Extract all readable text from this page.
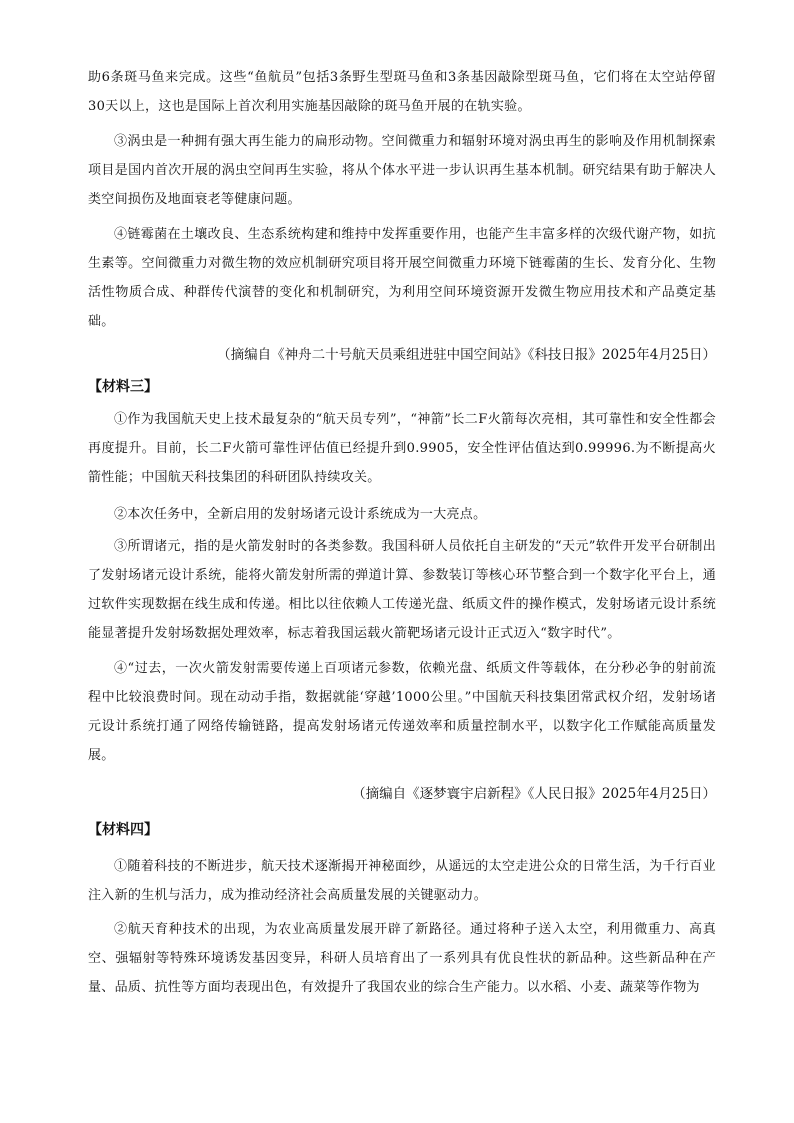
助6条斑马鱼来完成。这些“鱼航员”包括3条野生型斑马鱼和3条基因敲除型斑马鱼，它们将在太空站停留30天以上，这也是国际上首次利用实施基因敲除的斑马鱼开展的在轨实验。
③涡虫是一种拥有强大再生能力的扁形动物。空间微重力和辐射环境对涡虫再生的影响及作用机制探索项目是国内首次开展的涡虫空间再生实验，将从个体水平进一步认识再生基本机制。研究结果有助于解决人类空间损伤及地面衰老等健康问题。
④链霉菌在土壤改良、生态系统构建和维持中发挥重要作用，也能产生丰富多样的次级代谢产物，如抗生素等。空间微重力对微生物的效应机制研究项目将开展空间微重力环境下链霉菌的生长、发育分化、生物活性物质合成、种群传代演替的变化和机制研究，为利用空间环境资源开发微生物应用技术和产品奠定基础。
（摘编自《神舟二十号航天员乘组进驻中国空间站》《科技日报》2025年4月25日）
【材料三】
①作为我国航天史上技术最复杂的“航天员专列”，“神箭”长二F火箭每次亮相，其可靠性和安全性都会再度提升。目前，长二F火箭可靠性评估值已经提升到0.9905，安全性评估值达到0.99996.为不断提高火箭性能；中国航天科技集团的科研团队持续攻关。
②本次任务中，全新启用的发射场诸元设计系统成为一大亮点。
③所谓诸元，指的是火箭发射时的各类参数。我国科研人员依托自主研发的“天元”软件开发平台研制出了发射场诸元设计系统，能将火箭发射所需的弹道计算、参数装订等核心环节整合到一个数字化平台上，通过软件实现数据在线生成和传递。相比以往依赖人工传递光盘、纸质文件的操作模式，发射场诸元设计系统能显著提升发射场数据处理效率，标志着我国运载火箭靶场诸元设计正式迈入“数字时代”。
④“过去，一次火箭发射需要传递上百项诸元参数，依赖光盘、纸质文件等载体，在分秒必争的射前流程中比较浪费时间。现在动动手指，数据就能‘穿越’1000公里。”中国航天科技集团常武权介绍，发射场诸元设计系统打通了网络传输链路，提高发射场诸元传递效率和质量控制水平，以数字化工作赋能高质量发展。
（摘编自《逐梦寰宇启新程》《人民日报》2025年4月25日）
【材料四】
①随着科技的不断进步，航天技术逐渐揭开神秘面纱，从遥远的太空走进公众的日常生活，为千行百业注入新的生机与活力，成为推动经济社会高质量发展的关键驱动力。
②航天育种技术的出现，为农业高质量发展开辟了新路径。通过将种子送入太空，利用微重力、高真空、强辐射等特殊环境诱发基因变异，科研人员培育出了一系列具有优良性状的新品种。这些新品种在产量、品质、抗性等方面均表现出色，有效提升了我国农业的综合生产能力。以水稻、小麦、蔬菜等作物为
